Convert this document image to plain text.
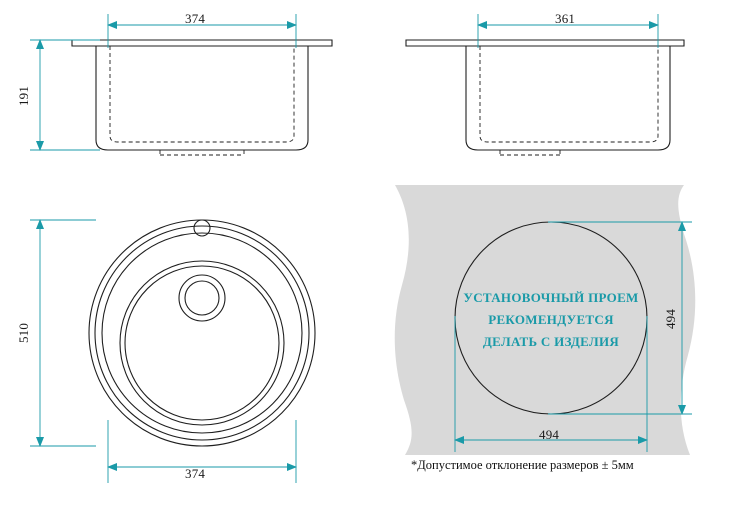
374
191
361
510
374
494
494
УСТАНОВОЧНЫЙ ПРОЕМ
РЕКОМЕНДУЕТСЯ
ДЕЛАТЬ С ИЗДЕЛИЯ
*Допустимое отклонение размеров ± 5мм
